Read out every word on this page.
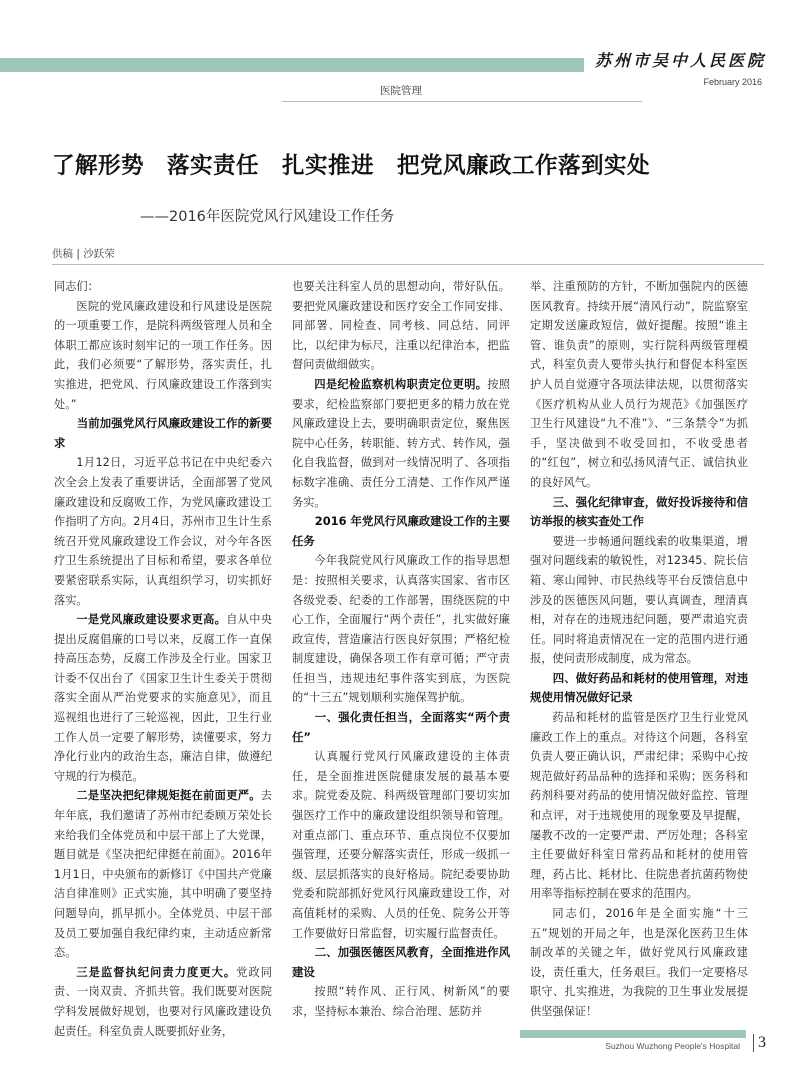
苏州市吴中人民医院
February 2016
医院管理
了解形势　落实责任　扎实推进　把党风廉政工作落到实处
——2016年医院党风行风建设工作任务
供稿 | 沙跃荣

同志们：

医院的党风廉政建设和行风建设是医院的一项重要工作，是院科两级管理人员和全体职工都应该时刻牢记的一项工作任务。因此，我们必须要“了解形势，落实责任，扎实推进，把党风、行风廉政建设工作落到实处。”

当前加强党风行风廉政建设工作的新要求

1月12日，习近平总书记在中央纪委六次全会上发表了重要讲话，全面部署了党风廉政建设和反腐败工作，为党风廉政建设工作指明了方向。2月4日，苏州市卫生计生系统召开党风廉政建设工作会议，对今年各医疗卫生系统提出了目标和希望，要求各单位要紧密联系实际，认真组织学习，切实抓好落实。

一是党风廉政建设要求更高。自从中央提出反腐倡廉的口号以来，反腐工作一直保持高压态势，反腐工作涉及全行业。国家卫计委不仅出台了《国家卫生计生委关于贯彻落实全面从严治党要求的实施意见》，而且巡视组也进行了三轮巡视，因此，卫生行业工作人员一定要了解形势，读懂要求，努力净化行业内的政治生态，廉洁自律，做遵纪守规的行为模范。

二是坚决把纪律规矩挺在前面更严。去年年底，我们邀请了苏州市纪委顾万荣处长来给我们全体党员和中层干部上了大党课，题目就是《坚决把纪律挺在前面》。2016年1月1日，中央颁布的新修订《中国共产党廉洁自律准则》正式实施，其中明确了要坚持问题导向，抓早抓小。全体党员、中层干部及员工要加强自我纪律约束，主动适应新常态。

三是监督执纪问责力度更大。党政同责、一岗双责、齐抓共管。我们既要对医院学科发展做好规划，也要对行风廉政建设负起责任。科室负责人既要抓好业务，

也要关注科室人员的思想动向，带好队伍。要把党风廉政建设和医疗安全工作同安排、同部署、同检查、同考核、同总结、同评比，以纪律为标尺，注重以纪律治本，把监督问责做细做实。

四是纪检监察机构职责定位更明。按照要求，纪检监察部门要把更多的精力放在党风廉政建设上去，要明确职责定位，聚焦医院中心任务，转职能、转方式、转作风，强化自我监督，做到对一线情况明了、各项指标数字准确、责任分工清楚、工作作风严谨务实。

2016 年党风行风廉政建设工作的主要任务

今年我院党风行风廉政工作的指导思想是：按照相关要求，认真落实国家、省市区各级党委、纪委的工作部署，围绕医院的中心工作，全面履行“两个责任”，扎实做好廉政宣传，营造廉洁行医良好氛围；严格纪检制度建设，确保各项工作有章可循；严守责任担当，违规违纪事件落实到底，为医院的“十三五”规划顺利实施保驾护航。

一、强化责任担当，全面落实“两个责任”

认真履行党风行风廉政建设的主体责任，是全面推进医院健康发展的最基本要求。院党委及院、科两级管理部门要切实加强医疗工作中的廉政建设组织领导和管理。对重点部门、重点环节、重点岗位不仅要加强管理，还要分解落实责任，形成一级抓一级、层层抓落实的良好格局。院纪委要协助党委和院部抓好党风行风廉政建设工作，对高值耗材的采购、人员的任免、院务公开等工作要做好日常监督，切实履行监督责任。

二、加强医德医风教育，全面推进作风建设

按照“转作风、正行风、树新风”的要求，坚持标本兼治、综合治理、惩防并

举、注重预防的方针，不断加强院内的医德医风教育。持续开展“清风行动”，院监察室定期发送廉政短信，做好提醒。按照“谁主管、谁负责”的原则，实行院科两级管理模式，科室负责人要带头执行和督促本科室医护人员自觉遵守各项法律法规，以贯彻落实《医疗机构从业人员行为规范》《加强医疗卫生行风建设“九不准”》、“三条禁令”为抓手，坚决做到不收受回扣，不收受患者的“红包”，树立和弘扬风清气正、诚信执业的良好风气。

三、强化纪律审查，做好投诉接待和信访举报的核实查处工作

要进一步畅通问题线索的收集渠道，增强对问题线索的敏锐性，对12345、院长信箱、寒山闻钟、市民热线等平台反馈信息中涉及的医德医风问题，要认真调查，理清真相，对存在的违规违纪问题，要严肃追究责任。同时将追责情况在一定的范围内进行通报，使问责形成制度，成为常态。

四、做好药品和耗材的使用管理，对违规使用情况做好记录

药品和耗材的监管是医疗卫生行业党风廉政工作上的重点。对待这个问题，各科室负责人要正确认识，严肃纪律；采购中心按规范做好药品品种的选择和采购；医务科和药剂科要对药品的使用情况做好监控、管理和点评，对于违规使用的现象要及早提醒，屡教不改的一定要严肃、严厉处理；各科室主任要做好科室日常药品和耗材的使用管理，药占比、耗材比、住院患者抗菌药物使用率等指标控制在要求的范围内。

同志们，2016年是全面实施“十三五”规划的开局之年，也是深化医药卫生体制改革的关键之年，做好党风行风廉政建设，责任重大，任务艰巨。我们一定要格尽职守、扎实推进，为我院的卫生事业发展提供坚强保证！

Suzhou Wuzhong People's Hospital	3
